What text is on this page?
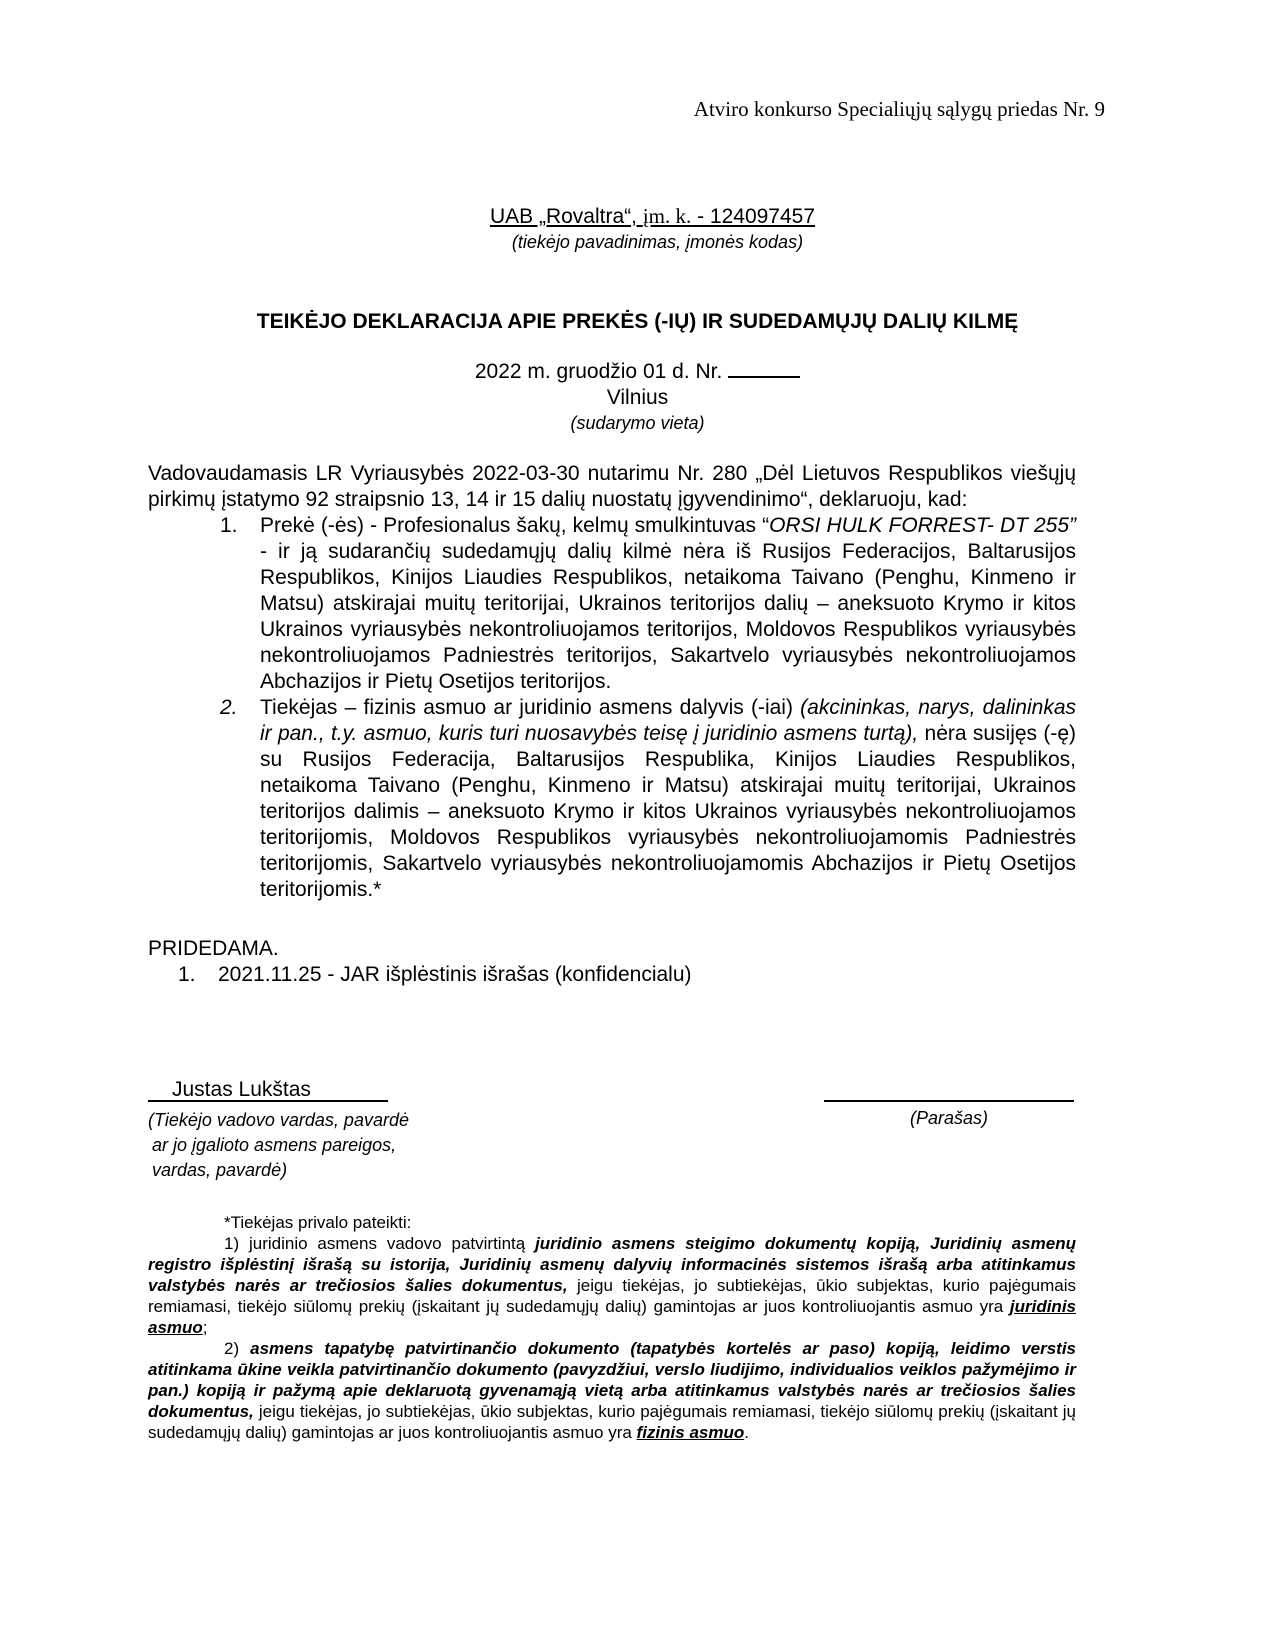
Atviro konkurso Specialiųjų sąlygų priedas Nr. 9
UAB „Rovaltra“, įm. k. - 124097457
(tiekėjo pavadinimas, įmonės kodas)
TEIKĖJO DEKLARACIJA APIE PREKĖS (-IŲ) IR SUDEDAMŲJŲ DALIŲ KILMĘ
2022 m. gruodžio 01 d. Nr.
Vilnius
(sudarymo vieta)

Vadovaudamasis LR Vyriausybės 2022-03-30 nutarimu Nr. 280 „Dėl Lietuvos Respublikos viešųjų pirkimų įstatymo 92 straipsnio 13, 14 ir 15 dalių nuostatų įgyvendinimo“, deklaruoju, kad:

1. Prekė (-ės) - Profesionalus šakų, kelmų smulkintuvas “ORSI HULK FORREST- DT 255” - ir ją sudarančių sudedamųjų dalių kilmė nėra iš Rusijos Federacijos, Baltarusijos Respublikos, Kinijos Liaudies Respublikos, netaikoma Taivano (Penghu, Kinmeno ir Matsu) atskirajai muitų teritorijai, Ukrainos teritorijos dalių – aneksuoto Krymo ir kitos Ukrainos vyriausybės nekontroliuojamos teritorijos, Moldovos Respublikos vyriausybės nekontroliuojamos Padniestrės teritorijos, Sakartvelo vyriausybės nekontroliuojamos Abchazijos ir Pietų Osetijos teritorijos.
2. Tiekėjas – fizinis asmuo ar juridinio asmens dalyvis (-iai) (akcininkas, narys, dalininkas ir pan., t.y. asmuo, kuris turi nuosavybės teisę į juridinio asmens turtą), nėra susijęs (-ę) su Rusijos Federacija, Baltarusijos Respublika, Kinijos Liaudies Respublikos, netaikoma Taivano (Penghu, Kinmeno ir Matsu) atskirajai muitų teritorijai, Ukrainos teritorijos dalimis – aneksuoto Krymo ir kitos Ukrainos vyriausybės nekontroliuojamos teritorijomis, Moldovos Respublikos vyriausybės nekontroliuojamomis Padniestrės teritorijomis, Sakartvelo vyriausybės nekontroliuojamomis Abchazijos ir Pietų Osetijos teritorijomis.*
PRIDEDAMA.
1. 2021.11.25 - JAR išplėstinis išrašas (konfidencialu)
Justas Lukštas
(Tiekėjo vadovo vardas, pavardė
ar jo įgalioto asmens pareigos,
vardas, pavardė)
(Parašas)

*Tiekėjas privalo pateikti:

1) juridinio asmens vadovo patvirtintą juridinio asmens steigimo dokumentų kopiją, Juridinių asmenų registro išplėstinį išrašą su istorija, Juridinių asmenų dalyvių informacinės sistemos išrašą arba atitinkamus valstybės narės ar trečiosios šalies dokumentus, jeigu tiekėjas, jo subtiekėjas, ūkio subjektas, kurio pajėgumais remiamasi, tiekėjo siūlomų prekių (įskaitant jų sudedamųjų dalių) gamintojas ar juos kontroliuojantis asmuo yra juridinis asmuo;

2) asmens tapatybę patvirtinančio dokumento (tapatybės kortelės ar paso) kopiją, leidimo verstis atitinkama ūkine veikla patvirtinančio dokumento (pavyzdžiui, verslo liudijimo, individualios veiklos pažymėjimo ir pan.) kopiją ir pažymą apie deklaruotą gyvenamąją vietą arba atitinkamus valstybės narės ar trečiosios šalies dokumentus, jeigu tiekėjas, jo subtiekėjas, ūkio subjektas, kurio pajėgumais remiamasi, tiekėjo siūlomų prekių (įskaitant jų sudedamųjų dalių) gamintojas ar juos kontroliuojantis asmuo yra fizinis asmuo.
